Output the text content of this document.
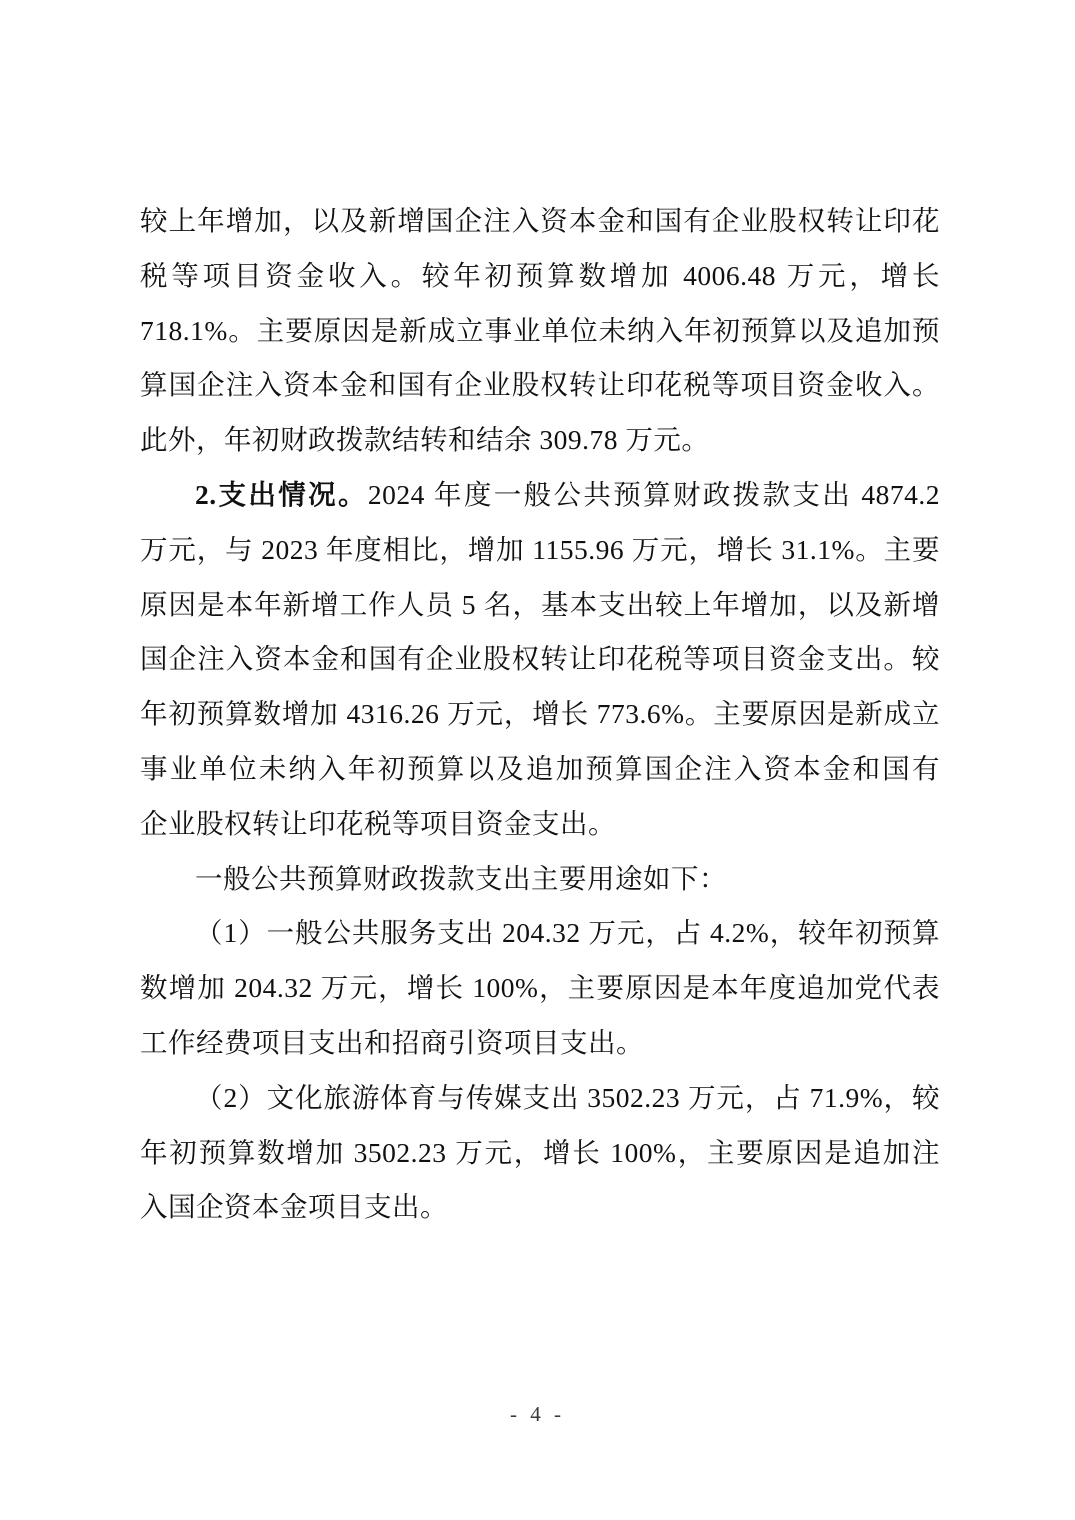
较上年增加，以及新增国企注入资本金和国有企业股权转让印花
税等项目资金收入。较年初预算数增加 4006.48 万元，增长
718.1%。主要原因是新成立事业单位未纳入年初预算以及追加预
算国企注入资本金和国有企业股权转让印花税等项目资金收入。
此外，年初财政拨款结转和结余 309.78 万元。
2.支出情况。2024 年度一般公共预算财政拨款支出 4874.2
万元，与 2023 年度相比，增加 1155.96 万元，增长 31.1%。主要
原因是本年新增工作人员 5 名，基本支出较上年增加，以及新增
国企注入资本金和国有企业股权转让印花税等项目资金支出。较
年初预算数增加 4316.26 万元，增长 773.6%。主要原因是新成立
事业单位未纳入年初预算以及追加预算国企注入资本金和国有
企业股权转让印花税等项目资金支出。
一般公共预算财政拨款支出主要用途如下：
（1）一般公共服务支出 204.32 万元，占 4.2%，较年初预算
数增加 204.32 万元，增长 100%，主要原因是本年度追加党代表
工作经费项目支出和招商引资项目支出。
（2）文化旅游体育与传媒支出 3502.23 万元，占 71.9%，较
年初预算数增加 3502.23 万元，增长 100%，主要原因是追加注
入国企资本金项目支出。
- 4 -
